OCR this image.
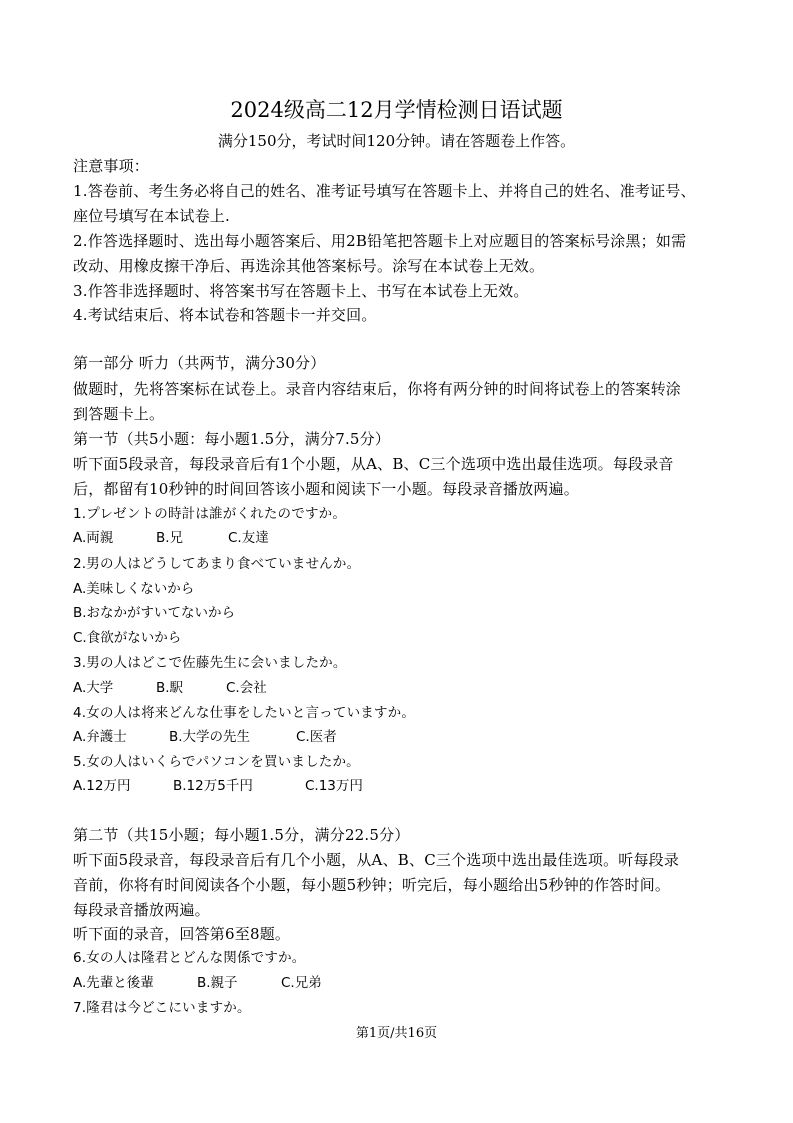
2024级高二12月学情检测日语试题
满分150分，考试时间120分钟。请在答题卷上作答。
注意事项：
1.答卷前、考生务必将自己的姓名、准考证号填写在答题卡上、并将自己的姓名、准考证号、
座位号填写在本试卷上.
2.作答选择题时、选出每小题答案后、用2B铅笔把答题卡上对应题目的答案标号涂黑；如需
改动、用橡皮擦干净后、再选涂其他答案标号。涂写在本试卷上无效。
3.作答非选择题时、将答案书写在答题卡上、书写在本试卷上无效。
4.考试结束后、将本试卷和答题卡一并交回。
第一部分 听力（共两节，满分30分）
做题时，先将答案标在试卷上。录音内容结束后，你将有两分钟的时间将试卷上的答案转涂
到答题卡上。
第一节（共5小题：每小题1.5分，满分7.5分）
听下面5段录音，每段录音后有1个小题，从A、B、C三个选项中选出最佳选项。每段录音
后，都留有10秒钟的时间回答该小题和阅读下一小题。每段录音播放两遍。
1.プレゼントの時計は誰がくれたのですか。
A.両親	B.兄	C.友達
2.男の人はどうしてあまり食べていませんか。
A.美味しくないから
B.おなかがすいてないから
C.食欲がないから
3.男の人はどこで佐藤先生に会いましたか。
A.大学	B.駅	C.会社
4.女の人は将来どんな仕事をしたいと言っていますか。
A.弁護士	B.大学の先生	C.医者
5.女の人はいくらでパソコンを買いましたか。
A.12万円	B.12万5千円	C.13万円
第二节（共15小题；每小题1.5分，满分22.5分）
听下面5段录音，每段录音后有几个小题，从A、B、C三个选项中选出最佳选项。听每段录
音前，你将有时间阅读各个小题，每小题5秒钟；听完后，每小题给出5秒钟的作答时间。
每段录音播放两遍。
听下面的录音，回答第6至8题。
6.女の人は隆君とどんな関係ですか。
A.先輩と後輩	B.親子	C.兄弟
7.隆君は今どこにいますか。
第1页/共16页
